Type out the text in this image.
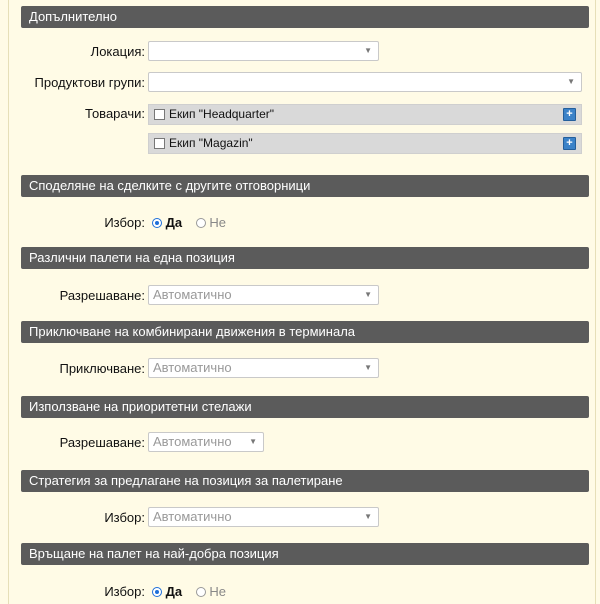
Допълнително
Локация:	▼
Продуктови групи:	▼
Товарачи: Екип "Headquarter"	+
Екип "Magazin"	+
Споделяне на сделките с другите отговорници
Избор:	Да Не
Различни палети на една позиция
Разрешаване: Автоматично	▼
Приключване на комбинирани движения в терминала
Приключване: Автоматично	▼
Използване на приоритетни стелажи
Разрешаване: Автоматично ▼
Стратегия за предлагане на позиция за палетиране
Избор: Автоматично	▼
Връщане на палет на най-добра позиция
Избор:	Да Не
